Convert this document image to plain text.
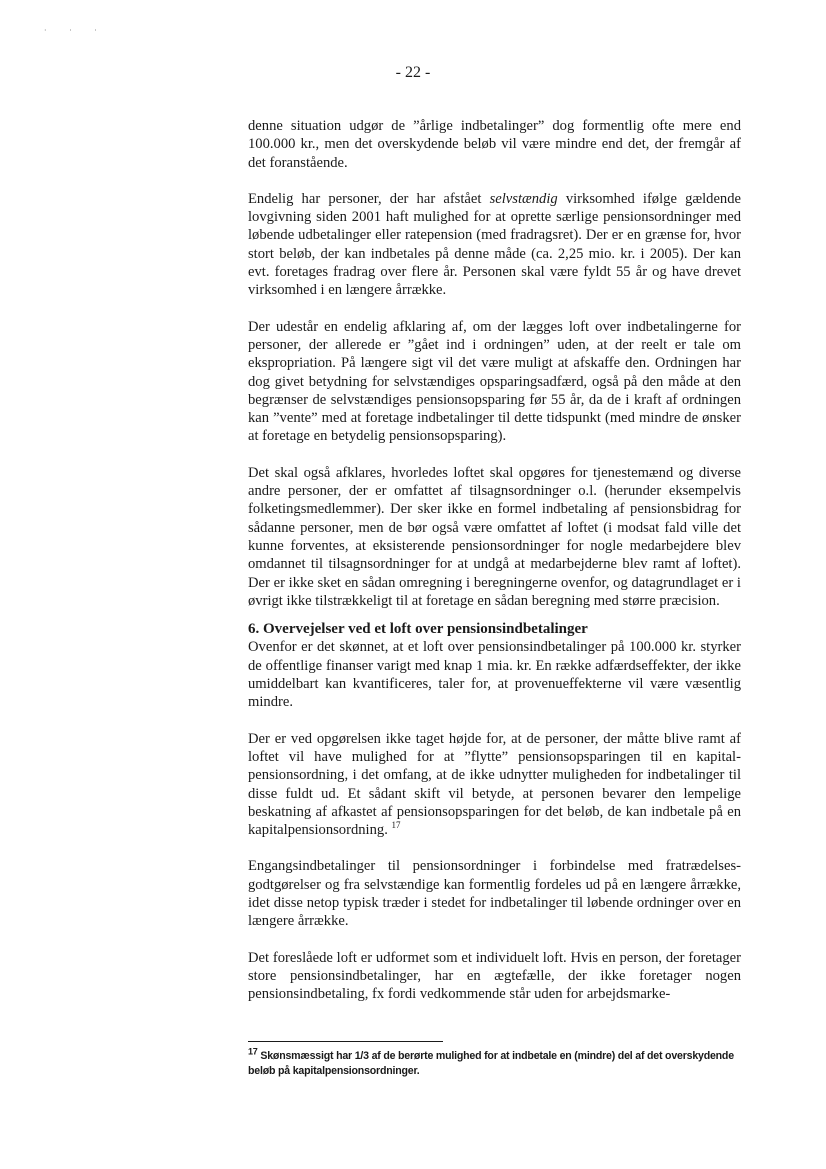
· · ·
- 22 -

denne situation udgør de ”årlige indbetalinger” dog formentlig ofte mere end 100.000 kr., men det overskydende beløb vil være mindre end det, der fremgår af det foranstående.

Endelig har personer, der har afstået selvstændig virksomhed ifølge gældende lovgivning siden 2001 haft mulighed for at oprette særlige pensionsordninger med løbende udbetalinger eller ratepension (med fradragsret). Der er en grænse for, hvor stort beløb, der kan indbetales på denne måde (ca. 2,25 mio. kr. i 2005). Der kan evt. foretages fradrag over flere år. Personen skal være fyldt 55 år og have drevet virksomhed i en længere årrække.

Der udestår en endelig afklaring af, om der lægges loft over indbetalingerne for personer, der allerede er ”gået ind i ordningen” uden, at der reelt er tale om ekspropriation. På længere sigt vil det være muligt at afskaffe den. Ordningen har dog givet betydning for selvstændiges opsparingsadfærd, også på den måde at den begrænser de selvstændiges pensionsopsparing før 55 år, da de i kraft af ordningen kan ”vente” med at foretage indbetalinger til dette tidspunkt (med mindre de ønsker at foretage en betydelig pensionsopsparing).

Det skal også afklares, hvorledes loftet skal opgøres for tjenestemænd og diverse andre personer, der er omfattet af tilsagnsordninger o.l. (herunder eksempelvis folketingsmedlemmer). Der sker ikke en formel indbetaling af pensionsbidrag for sådanne personer, men de bør også være omfattet af loftet (i modsat fald ville det kunne forventes, at eksisterende pensionsordninger for nogle medarbejdere blev omdannet til tilsagnsordninger for at undgå at medarbejderne blev ramt af loftet). Der er ikke sket en sådan omregning i beregningerne ovenfor, og datagrundlaget er i øvrigt ikke tilstrækkeligt til at foretage en sådan beregning med større præcision.

6. Overvejelser ved et loft over pensionsindbetalinger

Ovenfor er det skønnet, at et loft over pensionsindbetalinger på 100.000 kr. styrker de offentlige finanser varigt med knap 1 mia. kr. En række adfærdseffekter, der ikke umiddelbart kan kvantificeres, taler for, at provenueffekterne vil være væsentlig mindre.

Der er ved opgørelsen ikke taget højde for, at de personer, der måtte blive ramt af loftet vil have mulighed for at ”flytte” pensionsopsparingen til en kapitalpensionsordning, i det omfang, at de ikke udnytter muligheden for indbetalinger til disse fuldt ud. Et sådant skift vil betyde, at personen bevarer den lempelige beskatning af afkastet af pensionsopsparingen for det beløb, de kan indbetale på en kapitalpensionsordning. $^{17}$

Engangsindbetalinger til pensionsordninger i forbindelse med fratrædelsesgodtgørelser og fra selvstændige kan formentlig fordeles ud på en længere årrække, idet disse netop typisk træder i stedet for indbetalinger til løbende ordninger over en længere årrække.

Det foreslåede loft er udformet som et individuelt loft. Hvis en person, der foretager store pensionsindbetalinger, har en ægtefælle, der ikke foretager nogen pensionsindbetaling, fx fordi vedkommende står uden for arbejdsmarke-

$^{17}$ Skønsmæssigt har 1/3 af de berørte mulighed for at indbetale en (mindre) del af det overskydende beløb på kapitalpensionsordninger.
